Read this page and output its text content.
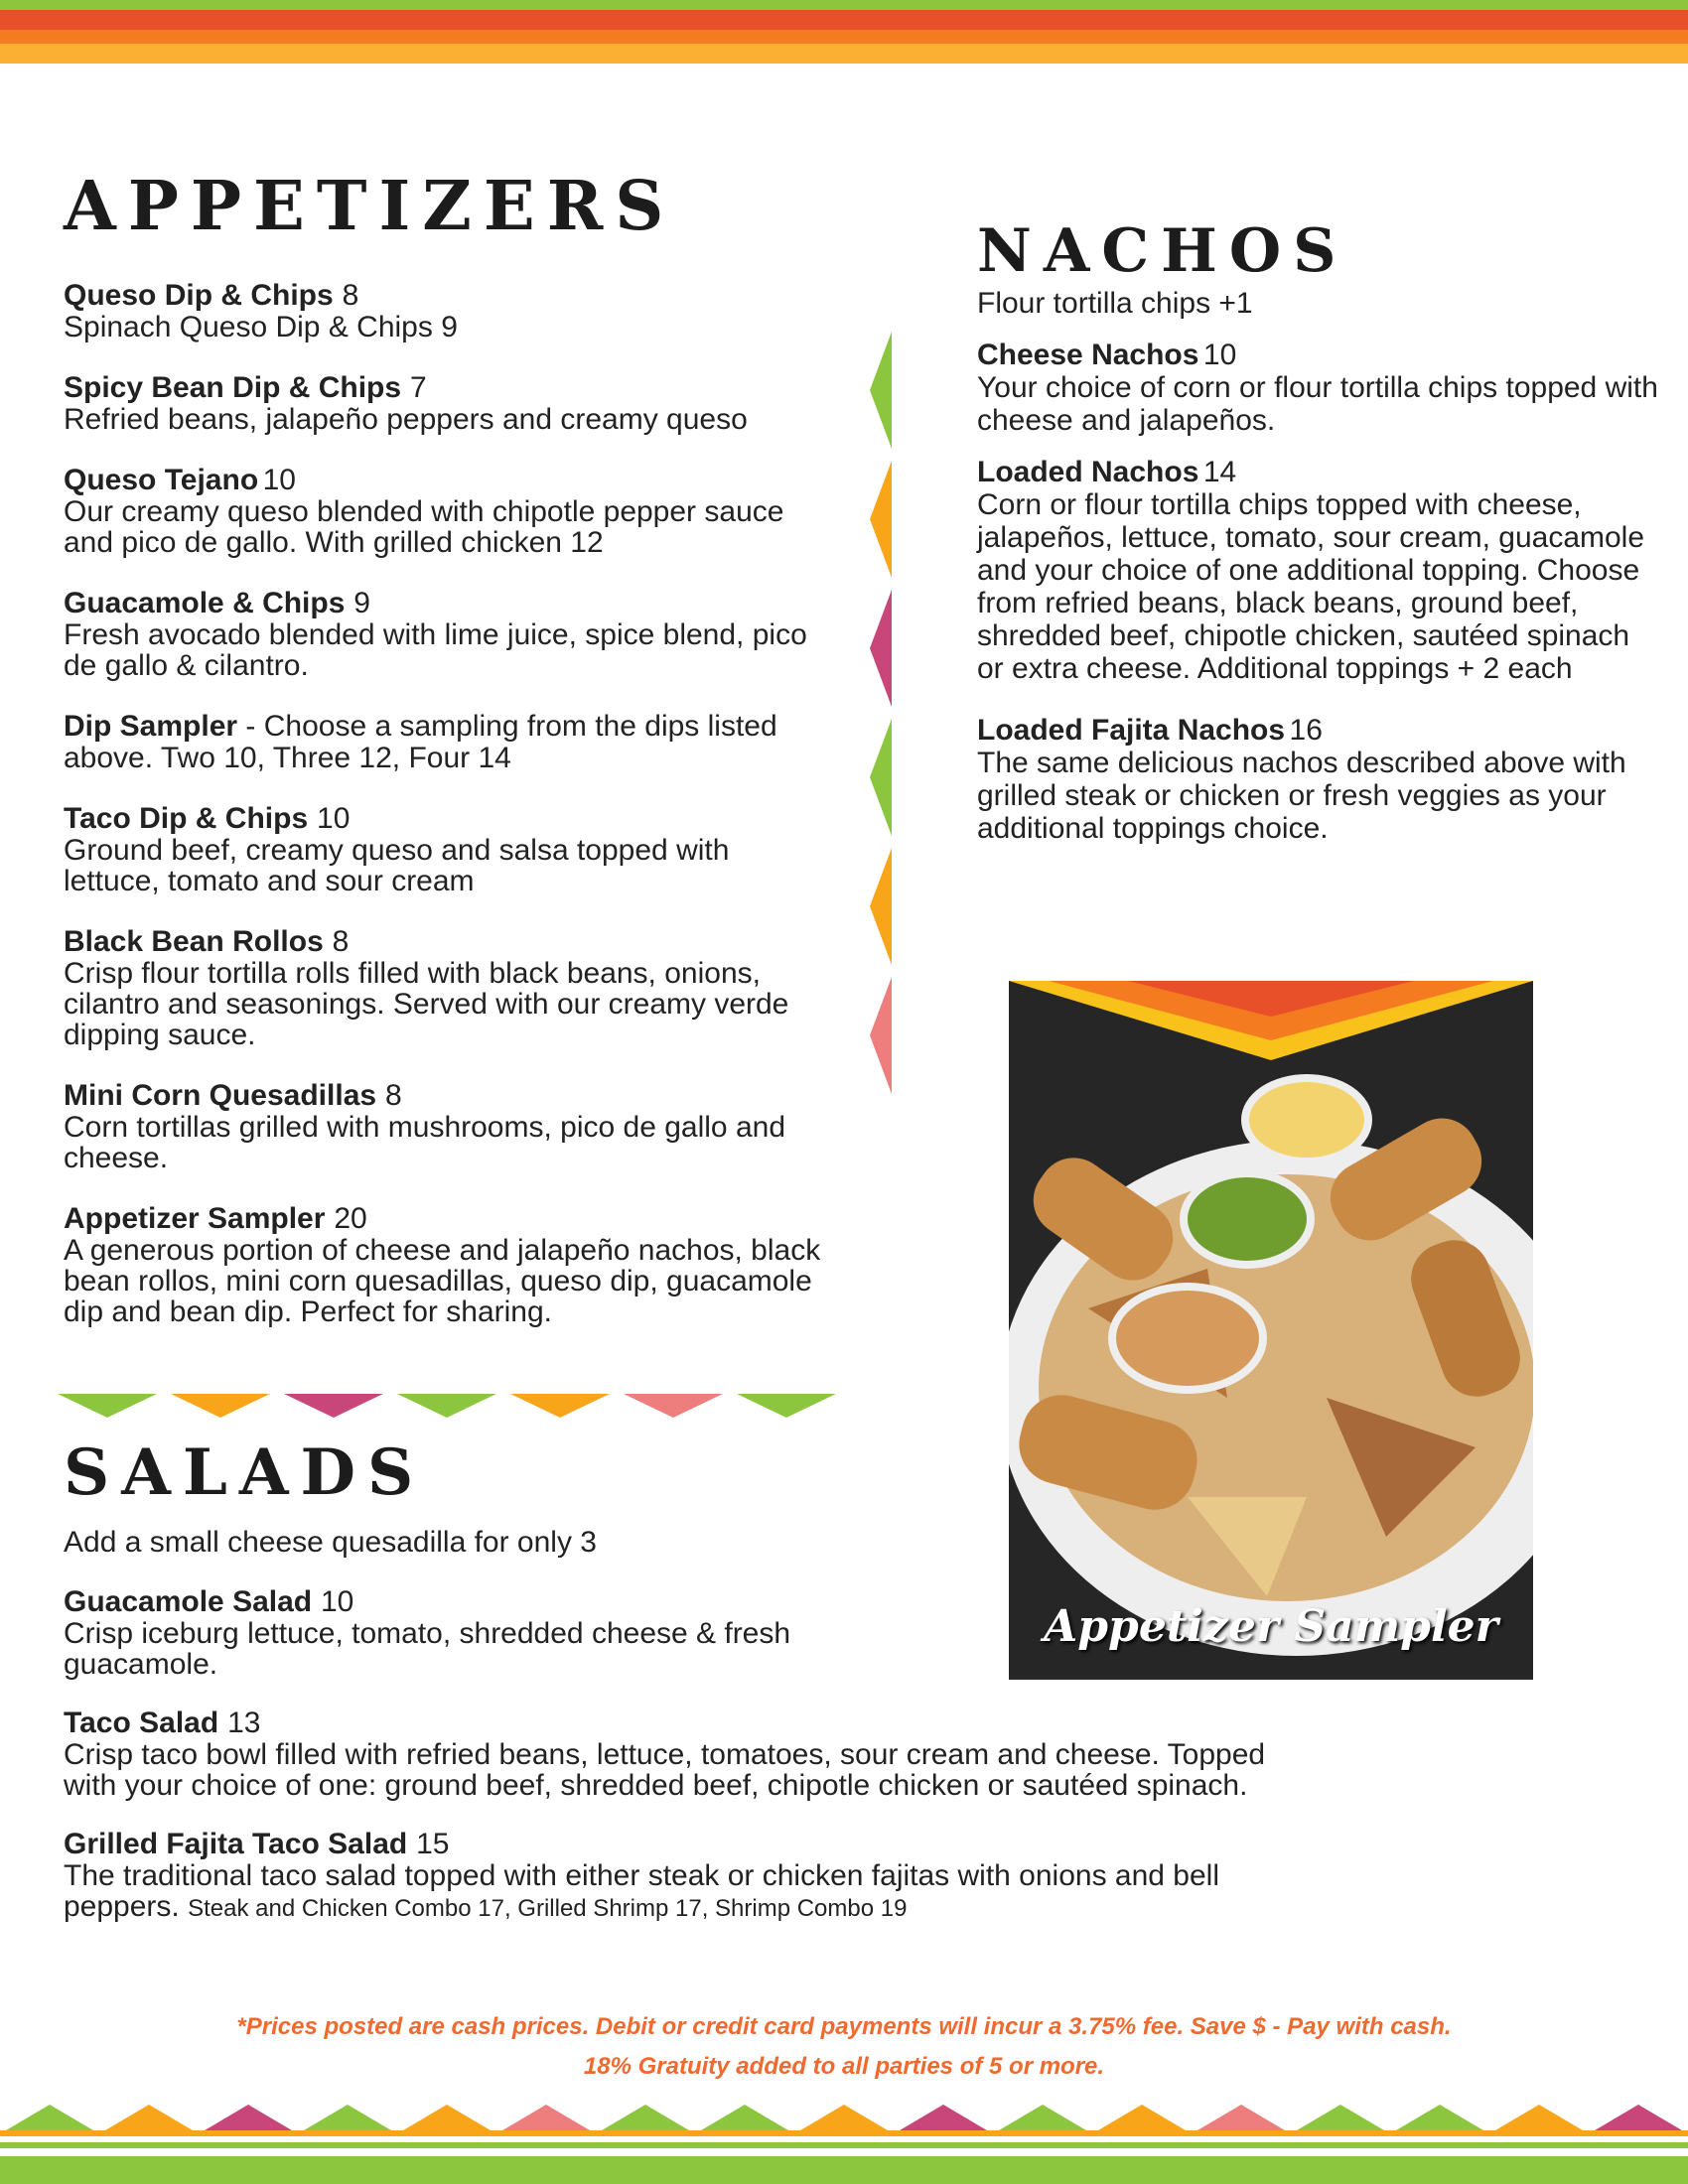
APPETIZERS
Queso Dip & Chips 8
Spinach Queso Dip & Chips 9
Spicy Bean Dip & Chips 7
Refried beans, jalapeño peppers and creamy queso
Queso Tejano 10
Our creamy queso blended with chipotle pepper sauce and pico de gallo. With grilled chicken 12
Guacamole & Chips 9
Fresh avocado blended with lime juice, spice blend, pico de gallo & cilantro.
Dip Sampler - Choose a sampling from the dips listed above. Two 10, Three 12, Four 14
Taco Dip & Chips 10
Ground beef, creamy queso and salsa topped with lettuce, tomato and sour cream
Black Bean Rollos 8
Crisp flour tortilla rolls filled with black beans, onions, cilantro and seasonings. Served with our creamy verde dipping sauce.
Mini Corn Quesadillas 8
Corn tortillas grilled with mushrooms, pico de gallo and cheese.
Appetizer Sampler 20
A generous portion of cheese and jalapeño nachos, black bean rollos, mini corn quesadillas, queso dip, guacamole dip and bean dip. Perfect for sharing.
NACHOS
Flour tortilla chips +1
Cheese Nachos 10
Your choice of corn or flour tortilla chips topped with cheese and jalapeños.
Loaded Nachos 14
Corn or flour tortilla chips topped with cheese, jalapeños, lettuce, tomato, sour cream, guacamole and your choice of one additional topping. Choose from refried beans, black beans, ground beef, shredded beef, chipotle chicken, sautéed spinach or extra cheese. Additional toppings + 2 each
Loaded Fajita Nachos 16
The same delicious nachos described above with grilled steak or chicken or fresh veggies as your additional toppings choice.
Appetizer Sampler
SALADS
Add a small cheese quesadilla for only 3
Guacamole Salad 10
Crisp iceburg lettuce, tomato, shredded cheese & fresh guacamole.
Taco Salad 13
Crisp taco bowl filled with refried beans, lettuce, tomatoes, sour cream and cheese. Topped with your choice of one: ground beef, shredded beef, chipotle chicken or sautéed spinach.
Grilled Fajita Taco Salad 15
The traditional taco salad topped with either steak or chicken fajitas with onions and bell peppers. Steak and Chicken Combo 17, Grilled Shrimp 17, Shrimp Combo 19
*Prices posted are cash prices. Debit or credit card payments will incur a 3.75% fee. Save $ - Pay with cash.
18% Gratuity added to all parties of 5 or more.
